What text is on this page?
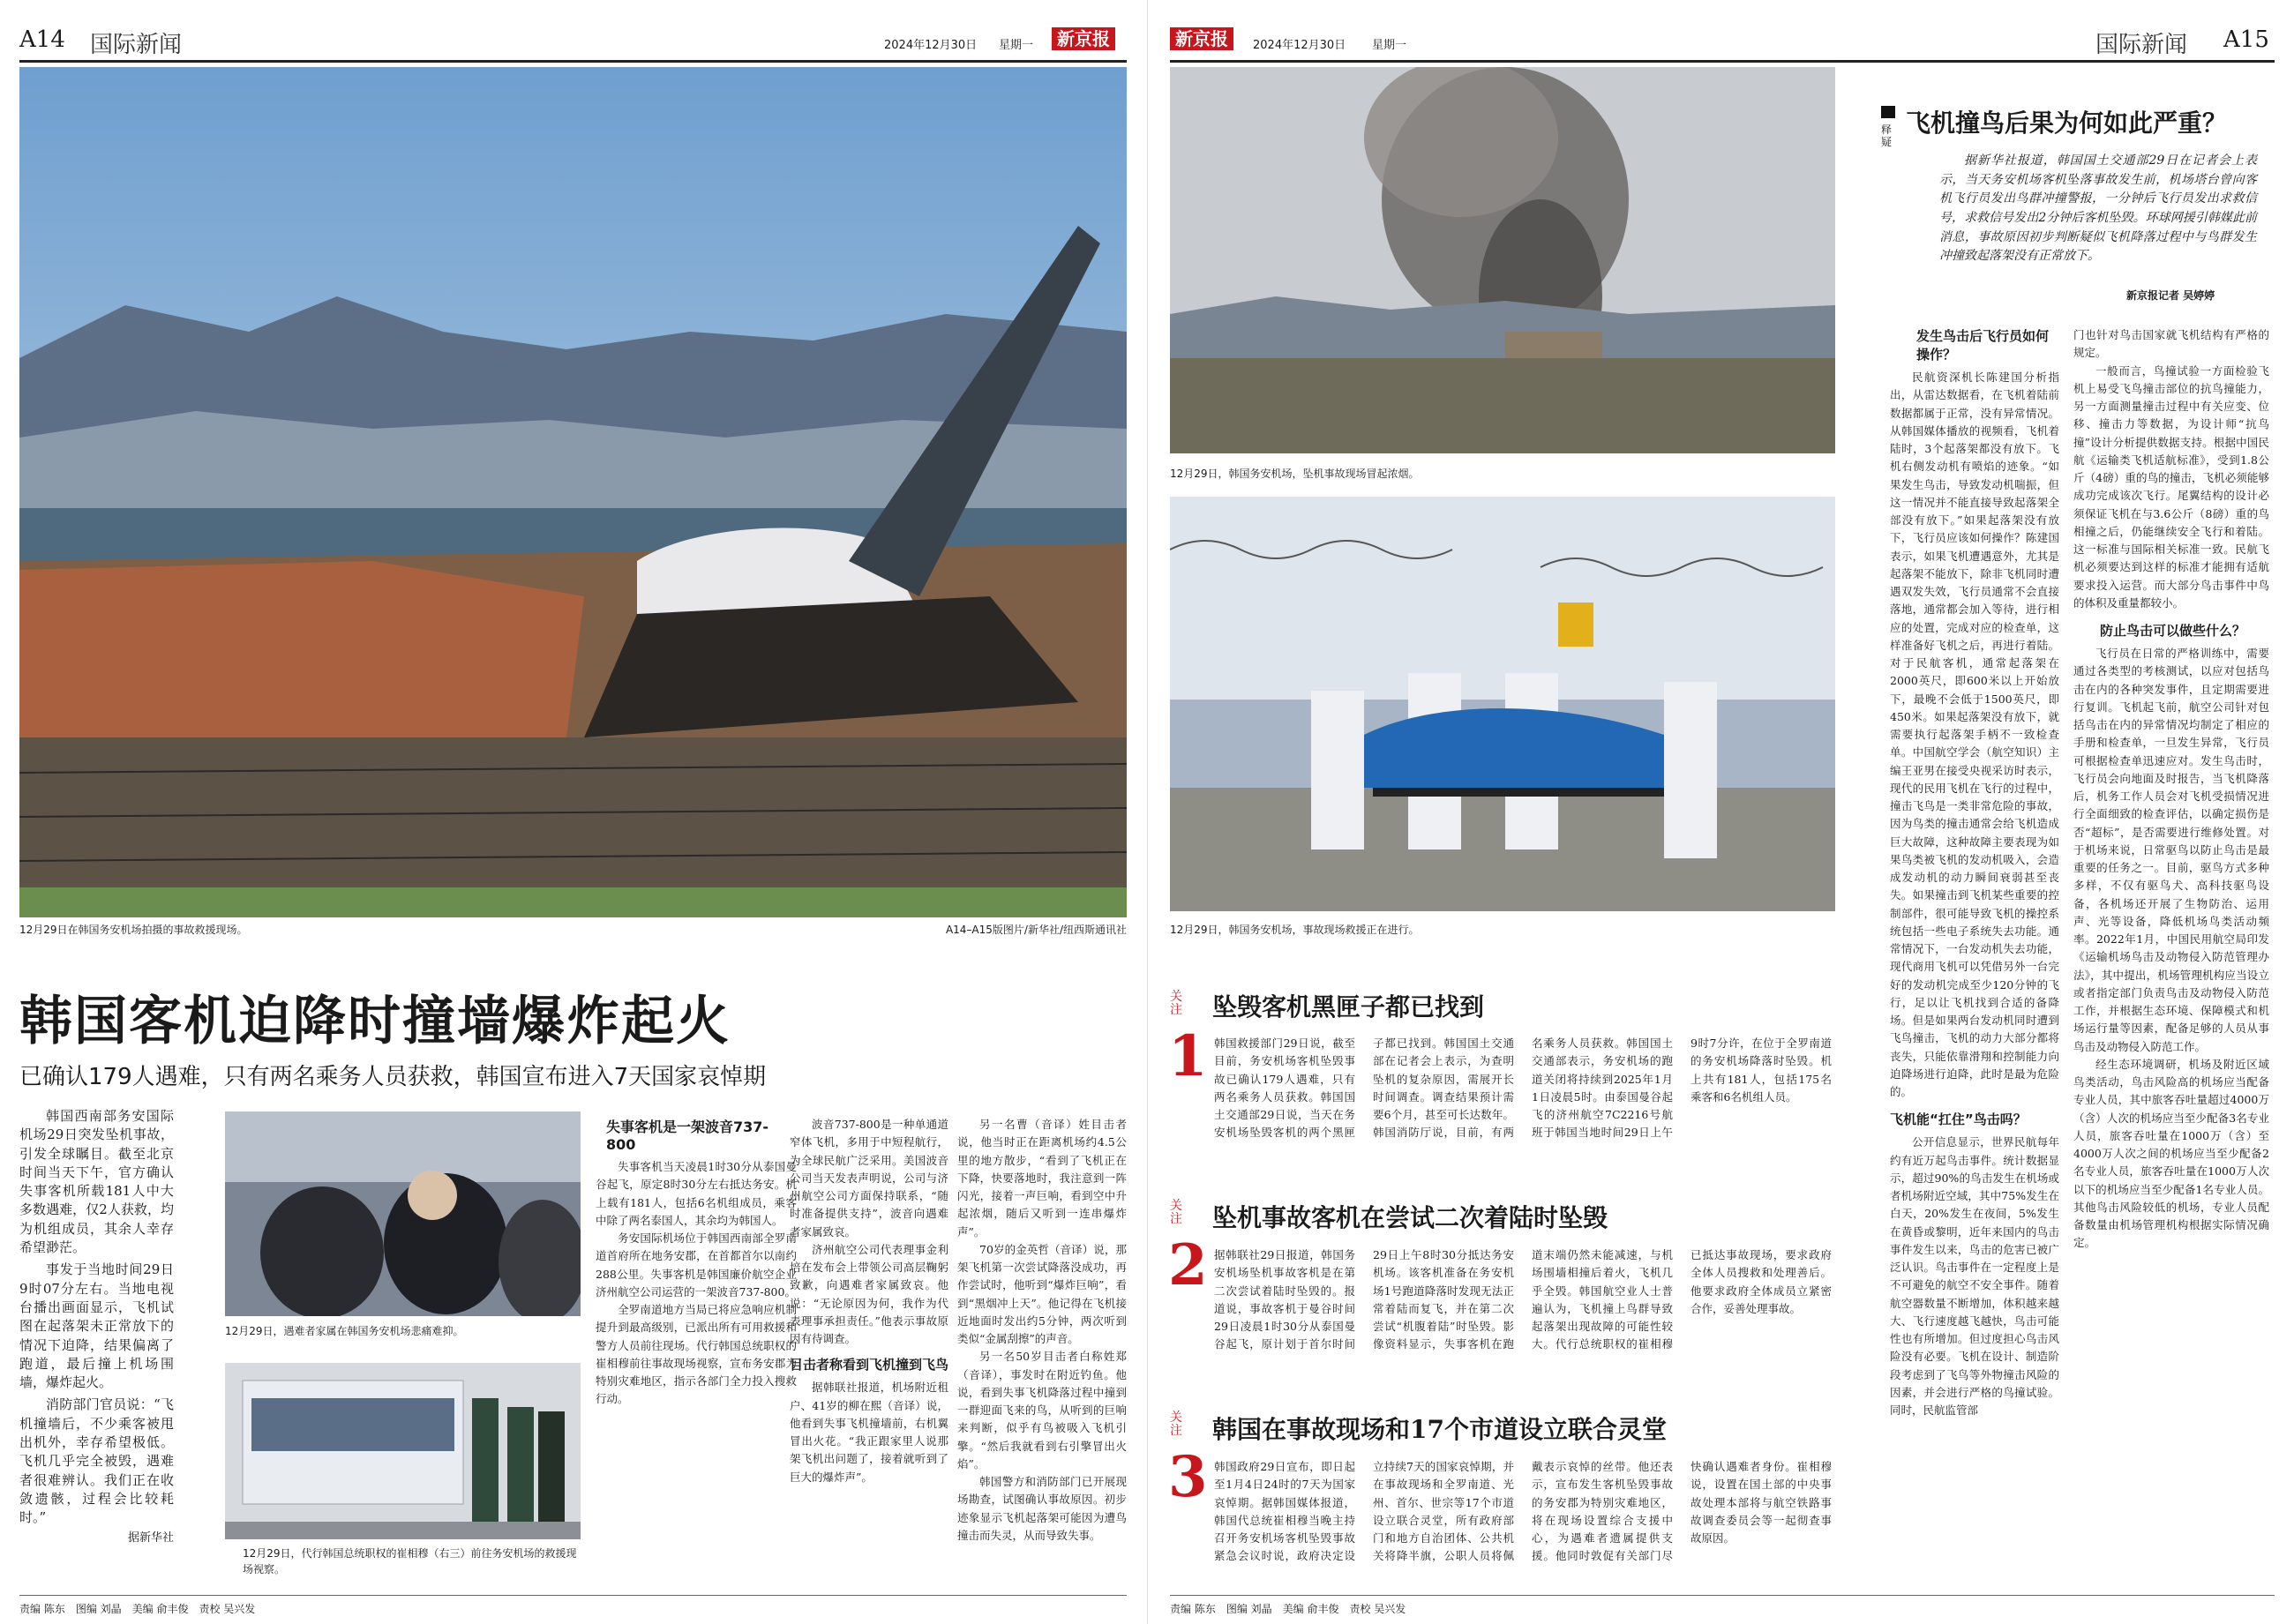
A14 国际新闻	2024年12月30日 星期一	新京报
12月29日在韩国务安机场拍摄的事故救援现场。	A14–A15版图片/新华社/纽西斯通讯社
韩国客机迫降时撞墙爆炸起火
已确认179人遇难，只有两名乘务人员获救，韩国宣布进入7天国家哀悼期

韩国西南部务安国际机场29日突发坠机事故，引发全球瞩目。截至北京时间当天下午，官方确认失事客机所载181人中大多数遇难，仅2人获救，均为机组成员，其余人幸存希望渺茫。

事发于当地时间29日9时07分左右。当地电视台播出画面显示，飞机试图在起落架未正常放下的情况下迫降，结果偏离了跑道，最后撞上机场围墙，爆炸起火。

消防部门官员说：“飞机撞墙后，不少乘客被甩出机外，幸存希望极低。飞机几乎完全被毁，遇难者很难辨认。我们正在收敛遗骸，过程会比较耗时。”

据新华社
12月29日，遇难者家属在韩国务安机场悲痛难抑。
12月29日，代行韩国总统职权的崔相穆（右三）前往务安机场的救援现场视察。
失事客机是一架波音737-800

失事客机当天凌晨1时30分从泰国曼谷起飞，原定8时30分左右抵达务安。机上载有181人，包括6名机组成员，乘客中除了两名泰国人，其余均为韩国人。

务安国际机场位于韩国西南部全罗南道首府所在地务安郡，在首都首尔以南约288公里。失事客机是韩国廉价航空企业济州航空公司运营的一架波音737-800。

全罗南道地方当局已将应急响应机制提升到最高级别，已派出所有可用救援和警方人员前往现场。代行韩国总统职权的崔相穆前往事故现场视察，宣布务安郡为特别灾难地区，指示各部门全力投入搜救行动。

波音737-800是一种单通道窄体飞机，多用于中短程航行，为全球民航广泛采用。美国波音公司当天发表声明说，公司与济州航空公司方面保持联系，“随时准备提供支持”，波音向遇难者家属致哀。

济州航空公司代表理事金利培在发布会上带领公司高层鞠躬致歉，向遇难者家属致哀。他说：“无论原因为何，我作为代表理事承担责任。”他表示事故原因有待调查。

目击者称看到飞机撞到飞鸟

据韩联社报道，机场附近租户、41岁的柳在熙（音译）说，他看到失事飞机撞墙前，右机翼冒出火花。“我正跟家里人说那架飞机出问题了，接着就听到了巨大的爆炸声”。

另一名曹（音译）姓目击者说，他当时正在距离机场约4.5公里的地方散步，“看到了飞机正在下降，快要落地时，我注意到一阵闪光，接着一声巨响，看到空中升起浓烟，随后又听到一连串爆炸声”。

70岁的金英哲（音译）说，那架飞机第一次尝试降落没成功，再作尝试时，他听到“爆炸巨响”，看到“黑烟冲上天”。他记得在飞机接近地面时发出约5分钟，两次听到类似“金属刮擦”的声音。

另一名50岁目击者白称姓郑（音译），事发时在附近钓鱼。他说，看到失事飞机降落过程中撞到一群迎面飞来的鸟，从听到的巨响来判断，似乎有鸟被吸入飞机引擎。“然后我就看到右引擎冒出火焰”。

韩国警方和消防部门已开展现场勘查，试图确认事故原因。初步迹象显示飞机起落架可能因为遭鸟撞击而失灵，从而导致失事。

责编 陈东　图编 刘晶　美编 俞丰俊　责校 吴兴发
新京报	2024年12月30日 星期一	国际新闻 A15
12月29日，韩国务安机场，坠机事故现场冒起浓烟。
12月29日，韩国务安机场，事故现场救援正在进行。
关注
1
坠毁客机黑匣子都已找到
韩国救援部门29日说，截至目前，务安机场客机坠毁事故已确认179人遇难，只有两名乘务人员获救。韩国国土交通部29日说，当天在务安机场坠毁客机的两个黑匣子都已找到。韩国国土交通部在记者会上表示，为查明坠机的复杂原因，需展开长时间调查。调查结果预计需要6个月，甚至可长达数年。韩国消防厅说，目前，有两名乘务人员获救。韩国国土交通部表示，务安机场的跑道关闭将持续到2025年1月1日凌晨5时。由泰国曼谷起飞的济州航空7C2216号航班于韩国当地时间29日上午9时7分许，在位于全罗南道的务安机场降落时坠毁。机上共有181人，包括175名乘客和6名机组人员。
关注
2
坠机事故客机在尝试二次着陆时坠毁
据韩联社29日报道，韩国务安机场坠机事故客机是在第二次尝试着陆时坠毁的。报道说，事故客机于曼谷时间29日凌晨1时30分从泰国曼谷起飞，原计划于首尔时间29日上午8时30分抵达务安机场。该客机准备在务安机场1号跑道降落时发现无法正常着陆而复飞，并在第二次尝试“机腹着陆”时坠毁。影像资料显示，失事客机在跑道末端仍然未能减速，与机场围墙相撞后着火，飞机几乎全毁。韩国航空业人士普遍认为，飞机撞上鸟群导致起落架出现故障的可能性较大。代行总统职权的崔相穆已抵达事故现场，要求政府全体人员搜救和处理善后。他要求政府全体成员立紧密合作，妥善处理事故。
关注
3
韩国在事故现场和17个市道设立联合灵堂
韩国政府29日宣布，即日起至1月4日24时的7天为国家哀悼期。据韩国媒体报道，韩国代总统崔相穆当晚主持召开务安机场客机坠毁事故紧急会议时说，政府决定设立持续7天的国家哀悼期，并在事故现场和全罗南道、光州、首尔、世宗等17个市道设立联合灵堂，所有政府部门和地方自治团体、公共机关将降半旗，公职人员将佩戴表示哀悼的丝带。他还表示，宣布发生客机坠毁事故的务安郡为特别灾难地区，将在现场设置综合支援中心，为遇难者遗属提供支援。他同时敦促有关部门尽快确认遇难者身份。崔相穆说，设置在国土部的中央事故处理本部将与航空铁路事故调查委员会等一起彻查事故原因。
释疑
飞机撞鸟后果为何如此严重？
据新华社报道，韩国国土交通部29日在记者会上表示，当天务安机场客机坠落事故发生前，机场塔台曾向客机飞行员发出鸟群冲撞警报，一分钟后飞行员发出求救信号，求救信号发出2分钟后客机坠毁。环球网援引韩媒此前消息，事故原因初步判断疑似飞机降落过程中与鸟群发生冲撞致起落架没有正常放下。
新京报记者 吴婷婷
发生鸟击后飞行员如何操作？

民航资深机长陈建国分析指出，从雷达数据看，在飞机着陆前数据都属于正常，没有异常情况。从韩国媒体播放的视频看，飞机着陆时，3个起落架都没有放下。飞机右侧发动机有喷焰的迹象。“如果发生鸟击，导致发动机喘振，但这一情况并不能直接导致起落架全部没有放下。”如果起落架没有放下，飞行员应该如何操作？陈建国表示，如果飞机遭遇意外，尤其是起落架不能放下，除非飞机同时遭遇双发失效，飞行员通常不会直接落地，通常都会加入等待，进行相应的处置，完成对应的检查单，这样准备好飞机之后，再进行着陆。对于民航客机，通常起落架在2000英尺，即600米以上开始放下，最晚不会低于1500英尺，即450米。如果起落架没有放下，就需要执行起落架手柄不一致检查单。中国航空学会（航空知识）主编王亚男在接受央视采访时表示，现代的民用飞机在飞行的过程中，撞击飞鸟是一类非常危险的事故，因为鸟类的撞击通常会给飞机造成巨大故障，这种故障主要表现为如果鸟类被飞机的发动机吸入，会造成发动机的动力瞬间衰弱甚至丧失。如果撞击到飞机某些重要的控制部件，很可能导致飞机的操控系统包括一些电子系统失去功能。通常情况下，一台发动机失去功能，现代商用飞机可以凭借另外一台完好的发动机完成至少120分钟的飞行，足以让飞机找到合适的备降场。但是如果两台发动机同时遭到飞鸟撞击，飞机的动力大部分都将丧失，只能依靠滑翔和控制能力向迫降场进行迫降，此时是最为危险的。

飞机能“扛住”鸟击吗？

公开信息显示，世界民航每年约有近万起鸟击事件。统计数据显示，超过90%的鸟击发生在机场或者机场附近空域，其中75%发生在白天，20%发生在夜间，5%发生在黄昏或黎明，近年来国内的鸟击事件发生以来，鸟击的危害已被广泛认识。鸟击事件在一定程度上是不可避免的航空不安全事件。随着航空器数量不断增加，体积越来越大、飞行速度越飞越快，鸟击可能性也有所增加。但过度担心鸟击风险没有必要。飞机在设计、制造阶段考虑到了飞鸟等外物撞击风险的因素，并会进行严格的鸟撞试验。同时，民航监管部

门也针对鸟击国家就飞机结构有严格的规定。

一般而言，鸟撞试验一方面检验飞机上易受飞鸟撞击部位的抗鸟撞能力，另一方面测量撞击过程中有关应变、位移、撞击力等数据，为设计师“抗鸟撞”设计分析提供数据支持。根据中国民航《运输类飞机适航标准》，受到1.8公斤（4磅）重的鸟的撞击，飞机必须能够成功完成该次飞行。尾翼结构的设计必须保证飞机在与3.6公斤（8磅）重的鸟相撞之后，仍能继续安全飞行和着陆。这一标准与国际相关标准一致。民航飞机必须要达到这样的标准才能拥有适航要求投入运营。而大部分鸟击事件中鸟的体积及重量都较小。

防止鸟击可以做些什么？

飞行员在日常的严格训练中，需要通过各类型的考核测试，以应对包括鸟击在内的各种突发事件，且定期需要进行复训。飞机起飞前，航空公司针对包括鸟击在内的异常情况均制定了相应的手册和检查单，一旦发生异常，飞行员可根据检查单迅速应对。发生鸟击时，飞行员会向地面及时报告，当飞机降落后，机务工作人员会对飞机受损情况进行全面细致的检查评估，以确定损伤是否“超标”，是否需要进行维修处置。对于机场来说，日常驱鸟以防止鸟击是最重要的任务之一。目前，驱鸟方式多种多样，不仅有驱鸟犬、高科技驱鸟设备，各机场还开展了生物防治、运用声、光等设备，降低机场鸟类活动频率。2022年1月，中国民用航空局印发《运输机场鸟击及动物侵入防范管理办法》，其中提出，机场管理机构应当设立或者指定部门负责鸟击及动物侵入防范工作，并根据生态环境、保障模式和机场运行量等因素，配备足够的人员从事鸟击及动物侵入防范工作。

经生态环境调研，机场及附近区域鸟类活动，鸟击风险高的机场应当配备专业人员，其中旅客吞吐量超过4000万（含）人次的机场应当至少配备3名专业人员，旅客吞吐量在1000万（含）至4000万人次之间的机场应当至少配备2名专业人员，旅客吞吐量在1000万人次以下的机场应当至少配备1名专业人员。其他鸟击风险较低的机场，专业人员配备数量由机场管理机构根据实际情况确定。

责编 陈东　图编 刘晶　美编 俞丰俊　责校 吴兴发
